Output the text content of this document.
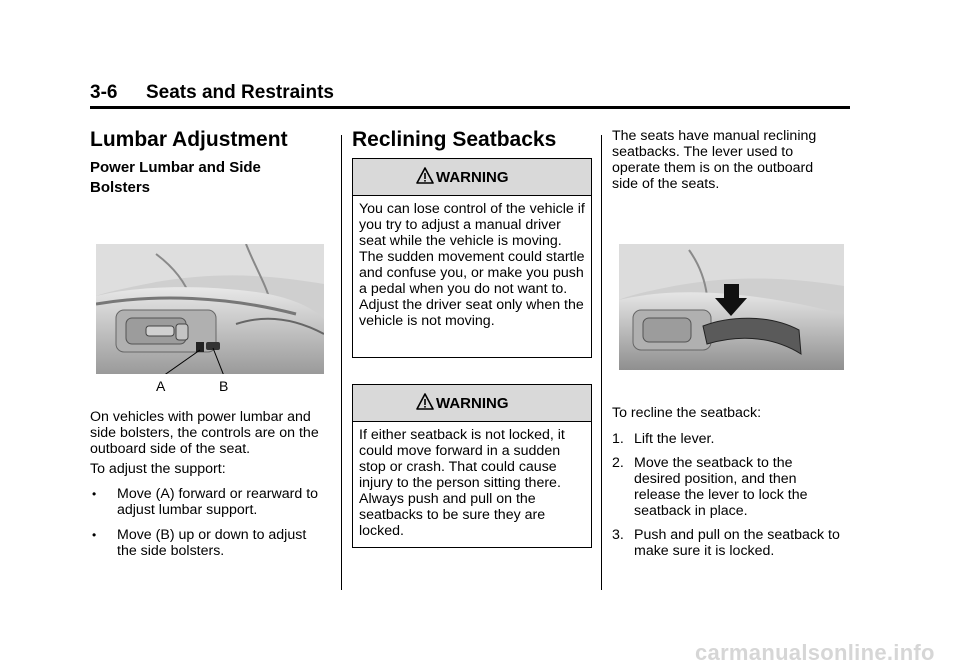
3-6 Seats and Restraints
Lumbar Adjustment
Power Lumbar and Side Bolsters
A	B

On vehicles with power lumbar and side bolsters, the controls are on the outboard side of the seat.

To adjust the support:

• Move (A) forward or rearward to adjust lumbar support.
• Move (B) up or down to adjust the side bolsters.
Reclining Seatbacks
WARNING
You can lose control of the vehicle if you try to adjust a manual driver seat while the vehicle is moving. The sudden movement could startle and confuse you, or make you push a pedal when you do not want to. Adjust the driver seat only when the vehicle is not moving.
WARNING
If either seatback is not locked, it could move forward in a sudden stop or crash. That could cause injury to the person sitting there. Always push and pull on the seatbacks to be sure they are locked.

The seats have manual reclining seatbacks. The lever used to operate them is on the outboard side of the seats.

To recline the seatback:

1. Lift the lever.
2. Move the seatback to the desired position, and then release the lever to lock the seatback in place.
3. Push and pull on the seatback to make sure it is locked.
carmanualsonline.info
